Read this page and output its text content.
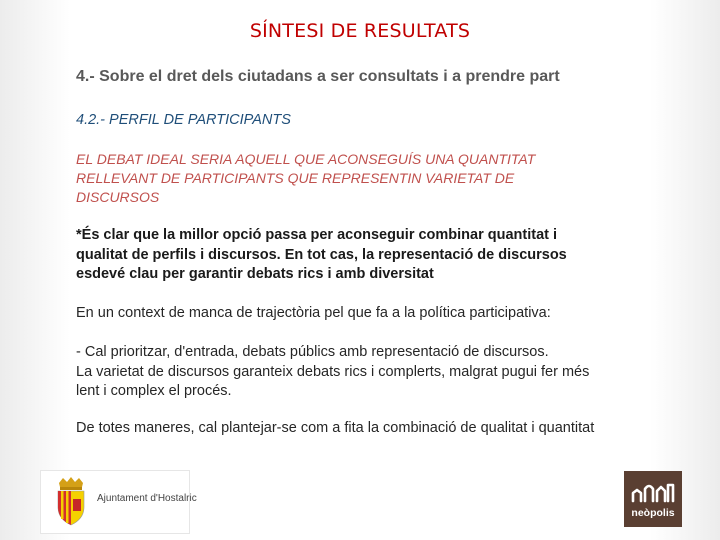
SÍNTESI DE RESULTATS
4.- Sobre el dret dels ciutadans a ser consultats i a prendre part
4.2.- PERFIL DE PARTICIPANTS
EL DEBAT IDEAL SERIA AQUELL QUE ACONSEGUÍS UNA QUANTITAT
RELLEVANT DE PARTICIPANTS QUE REPRESENTIN VARIETAT DE
DISCURSOS
*És clar que la millor opció passa per aconseguir combinar quantitat i
qualitat de perfils i discursos. En tot cas, la representació de discursos
esdevé clau per garantir debats rics i amb diversitat
En un context de manca de trajectòria pel que fa a la política participativa:
- Cal prioritzar, d'entrada, debats públics amb representació de discursos.
La varietat de discursos garanteix debats rics i complerts, malgrat pugui fer més
lent i complex el procés.
De totes maneres, cal plantejar-se com a fita la combinació de qualitat i quantitat
Ajuntament d'Hostalric
neòpolis
